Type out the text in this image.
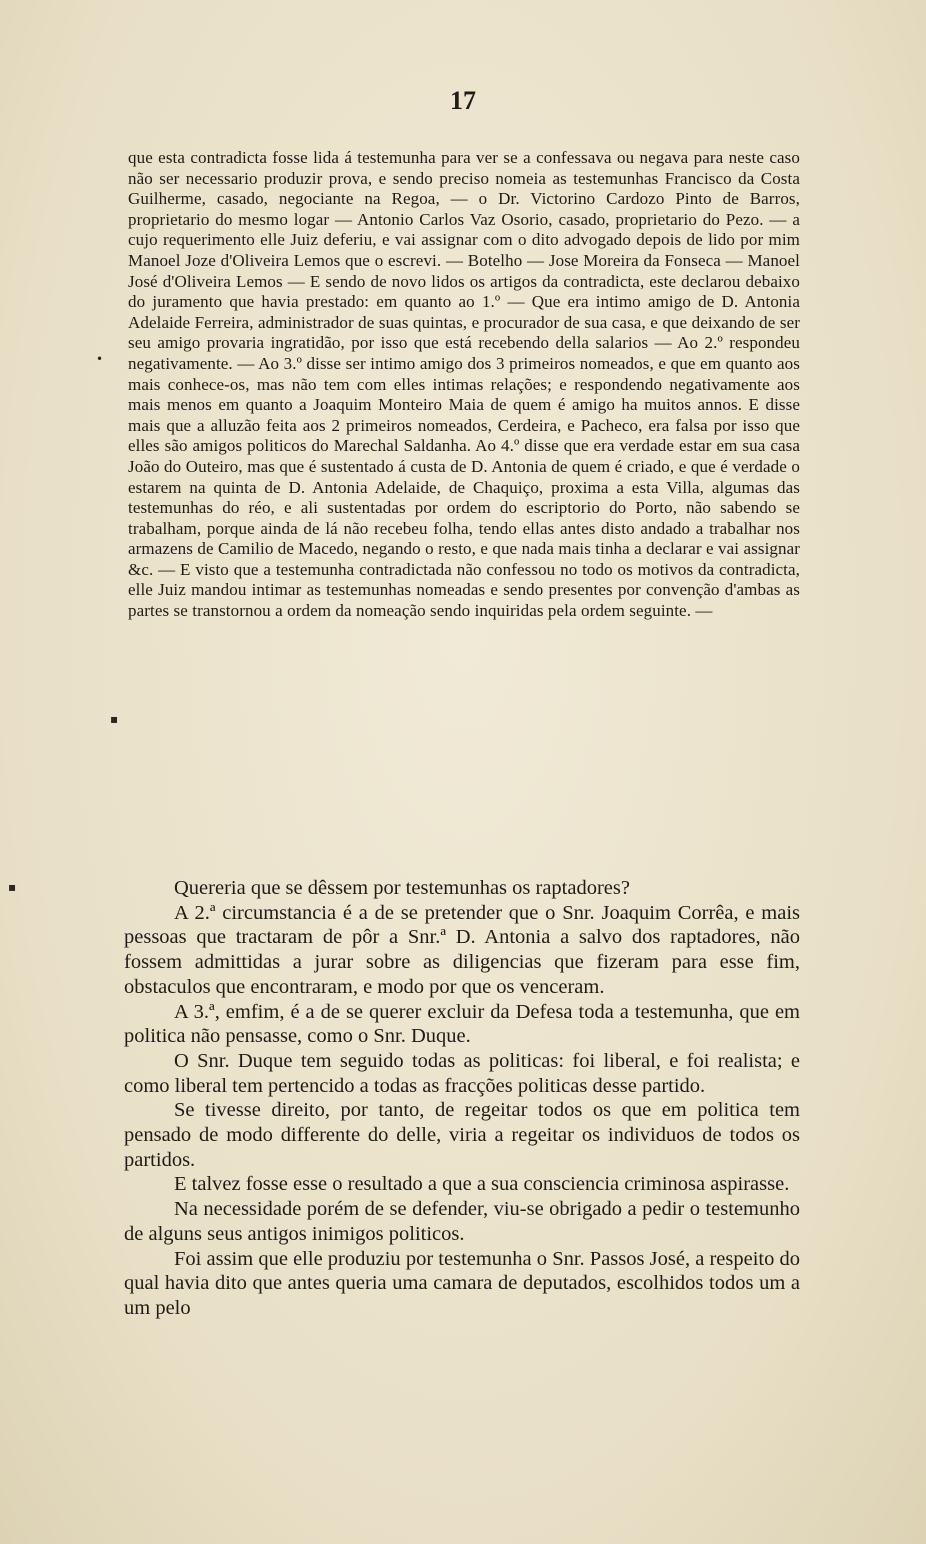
17
•
▪
▪

que esta contradicta fosse lida á testemunha para ver se a confessava ou negava para neste caso não ser necessario produzir prova, e sendo preciso nomeia as testemunhas Francisco da Costa Guilherme, casado, negociante na Regoa, — o Dr. Victorino Cardozo Pinto de Barros, proprietario do mesmo logar — Antonio Carlos Vaz Osorio, casado, proprietario do Pezo. — a cujo requerimento elle Juiz deferiu, e vai assignar com o dito advogado depois de lido por mim Manoel Joze d'Oliveira Lemos que o escrevi. — Botelho — Jose Moreira da Fonseca — Manoel José d'Oliveira Lemos — E sendo de novo lidos os artigos da contradicta, este declarou debaixo do juramento que havia prestado: em quanto ao 1.º — Que era intimo amigo de D. Antonia Adelaide Ferreira, administrador de suas quintas, e procurador de sua casa, e que deixando de ser seu amigo provaria ingratidão, por isso que está recebendo della salarios — Ao 2.º respondeu negativamente. — Ao 3.º disse ser intimo amigo dos 3 primeiros nomeados, e que em quanto aos mais conhece-os, mas não tem com elles intimas relações; e respondendo negativamente aos mais menos em quanto a Joaquim Monteiro Maia de quem é amigo ha muitos annos. E disse mais que a alluzão feita aos 2 primeiros nomeados, Cerdeira, e Pacheco, era falsa por isso que elles são amigos politicos do Marechal Saldanha. Ao 4.º disse que era verdade estar em sua casa João do Outeiro, mas que é sustentado á custa de D. Antonia de quem é criado, e que é verdade o estarem na quinta de D. Antonia Adelaide, de Chaquiço, proxima a esta Villa, algumas das testemunhas do réo, e ali sustentadas por ordem do escriptorio do Porto, não sabendo se trabalham, porque ainda de lá não recebeu folha, tendo ellas antes disto andado a trabalhar nos armazens de Camilio de Macedo, negando o resto, e que nada mais tinha a declarar e vai assignar &c. — E visto que a testemunha contradictada não confessou no todo os motivos da contradicta, elle Juiz mandou intimar as testemunhas nomeadas e sendo presentes por convenção d'ambas as partes se transtornou a ordem da nomeação sendo inquiridas pela ordem seguinte. —

Quereria que se dêssem por testemunhas os raptadores?

A 2.ª circumstancia é a de se pretender que o Snr. Joaquim Corrêa, e mais pessoas que tractaram de pôr a Snr.ª D. Antonia a salvo dos raptadores, não fossem admittidas a jurar sobre as diligencias que fizeram para esse fim, obstaculos que encontraram, e modo por que os venceram.

A 3.ª, emfim, é a de se querer excluir da Defesa toda a testemunha, que em politica não pensasse, como o Snr. Duque.

O Snr. Duque tem seguido todas as politicas: foi liberal, e foi realista; e como liberal tem pertencido a todas as fracções politicas desse partido.

Se tivesse direito, por tanto, de regeitar todos os que em politica tem pensado de modo differente do delle, viria a regeitar os individuos de todos os partidos.

E talvez fosse esse o resultado a que a sua consciencia criminosa aspirasse.

Na necessidade porém de se defender, viu-se obrigado a pedir o testemunho de alguns seus antigos inimigos politicos.

Foi assim que elle produziu por testemunha o Snr. Passos José, a respeito do qual havia dito que antes queria uma camara de deputados, escolhidos todos um a um pelo
